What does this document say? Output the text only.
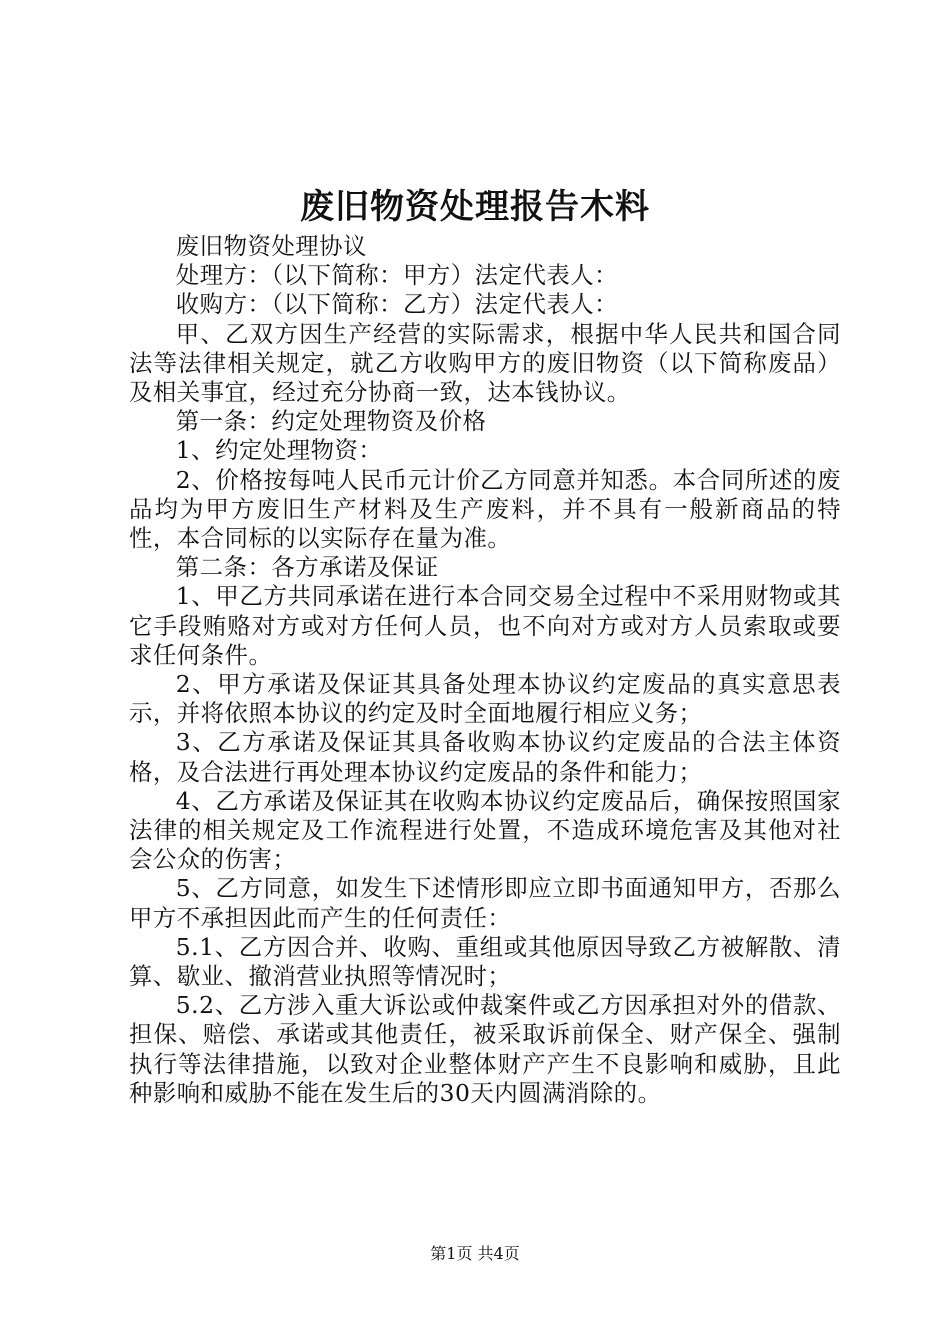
废旧物资处理报告木料

废旧物资处理协议

处理方：（以下简称：甲方）法定代表人：

收购方：（以下简称：乙方）法定代表人：

甲、乙双方因生产经营的实际需求，根据中华人民共和国合同法等法律相关规定，就乙方收购甲方的废旧物资（以下简称废品）及相关事宜，经过充分协商一致，达本钱协议。

第一条：约定处理物资及价格

1、约定处理物资：

2、价格按每吨人民币元计价乙方同意并知悉。本合同所述的废品均为甲方废旧生产材料及生产废料，并不具有一般新商品的特性，本合同标的以实际存在量为准。

第二条：各方承诺及保证

1、甲乙方共同承诺在进行本合同交易全过程中不采用财物或其它手段贿赂对方或对方任何人员，也不向对方或对方人员索取或要求任何条件。

2、甲方承诺及保证其具备处理本协议约定废品的真实意思表示，并将依照本协议的约定及时全面地履行相应义务；

3、乙方承诺及保证其具备收购本协议约定废品的合法主体资格，及合法进行再处理本协议约定废品的条件和能力；

4、乙方承诺及保证其在收购本协议约定废品后，确保按照国家法律的相关规定及工作流程进行处置，不造成环境危害及其他对社会公众的伤害；

5、乙方同意，如发生下述情形即应立即书面通知甲方，否那么甲方不承担因此而产生的任何责任：

5.1、乙方因合并、收购、重组或其他原因导致乙方被解散、清算、歇业、撤消营业执照等情况时；

5.2、乙方涉入重大诉讼或仲裁案件或乙方因承担对外的借款、担保、赔偿、承诺或其他责任，被采取诉前保全、财产保全、强制执行等法律措施，以致对企业整体财产产生不良影响和威胁，且此种影响和威胁不能在发生后的30天内圆满消除的。

第1页 共4页
